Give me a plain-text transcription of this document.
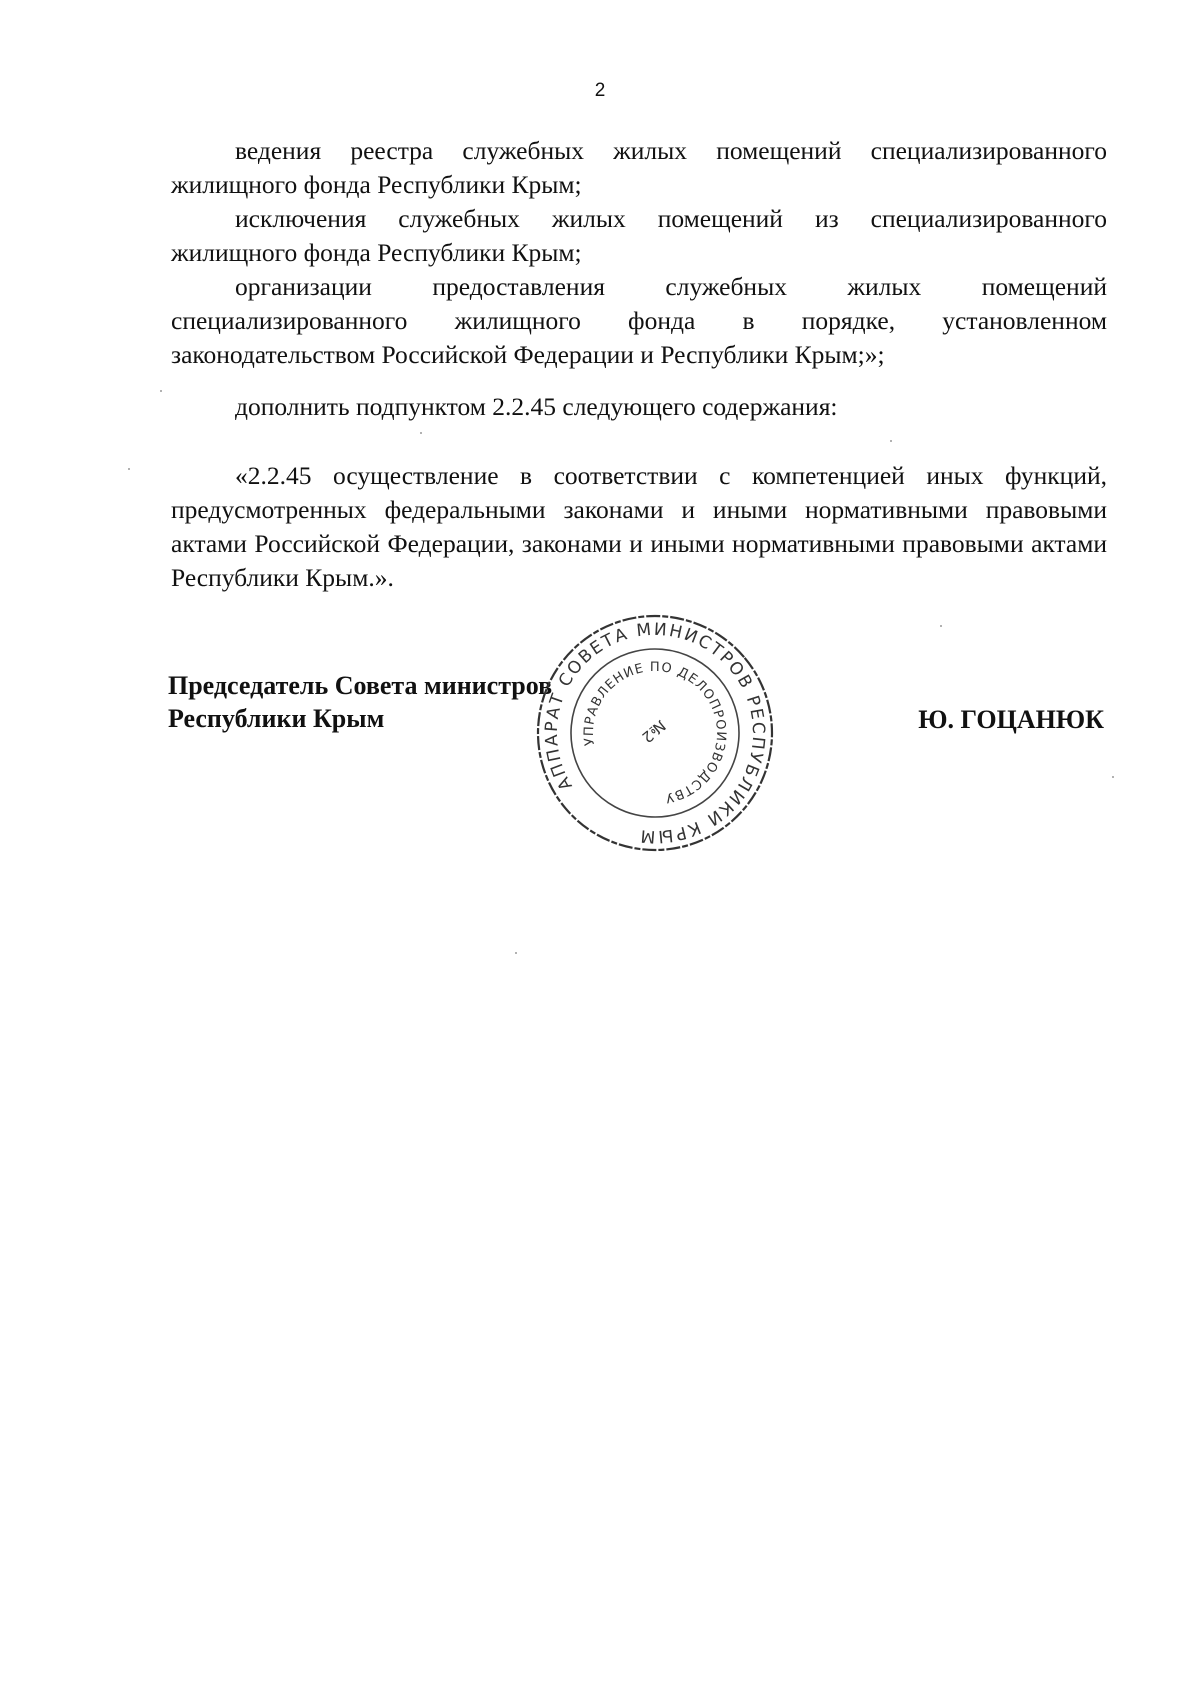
2

ведения реестра служебных жилых помещений специализированного жилищного фонда Республики Крым;

исключения служебных жилых помещений из специализированного жилищного фонда Республики Крым;

организации предоставления служебных жилых помещений специализированного жилищного фонда в порядке, установленном законодательством Российской Федерации и Республики Крым;»;

дополнить подпунктом 2.2.45 следующего содержания:

«2.2.45 осуществление в соответствии с компетенцией иных функций, предусмотренных федеральными законами и иными нормативными правовыми актами Российской Федерации, законами и иными нормативными правовыми актами Республики Крым.».

Председатель Совета министров
Республики Крым	Ю. ГОЦАНЮК
АППАРАТ СОВЕТА МИНИСТРОВ РЕСПУБЛИКИ КРЫМ
УПРАВЛЕНИЕ ПО ДЕЛОПРОИЗВОДСТВУ
№2
